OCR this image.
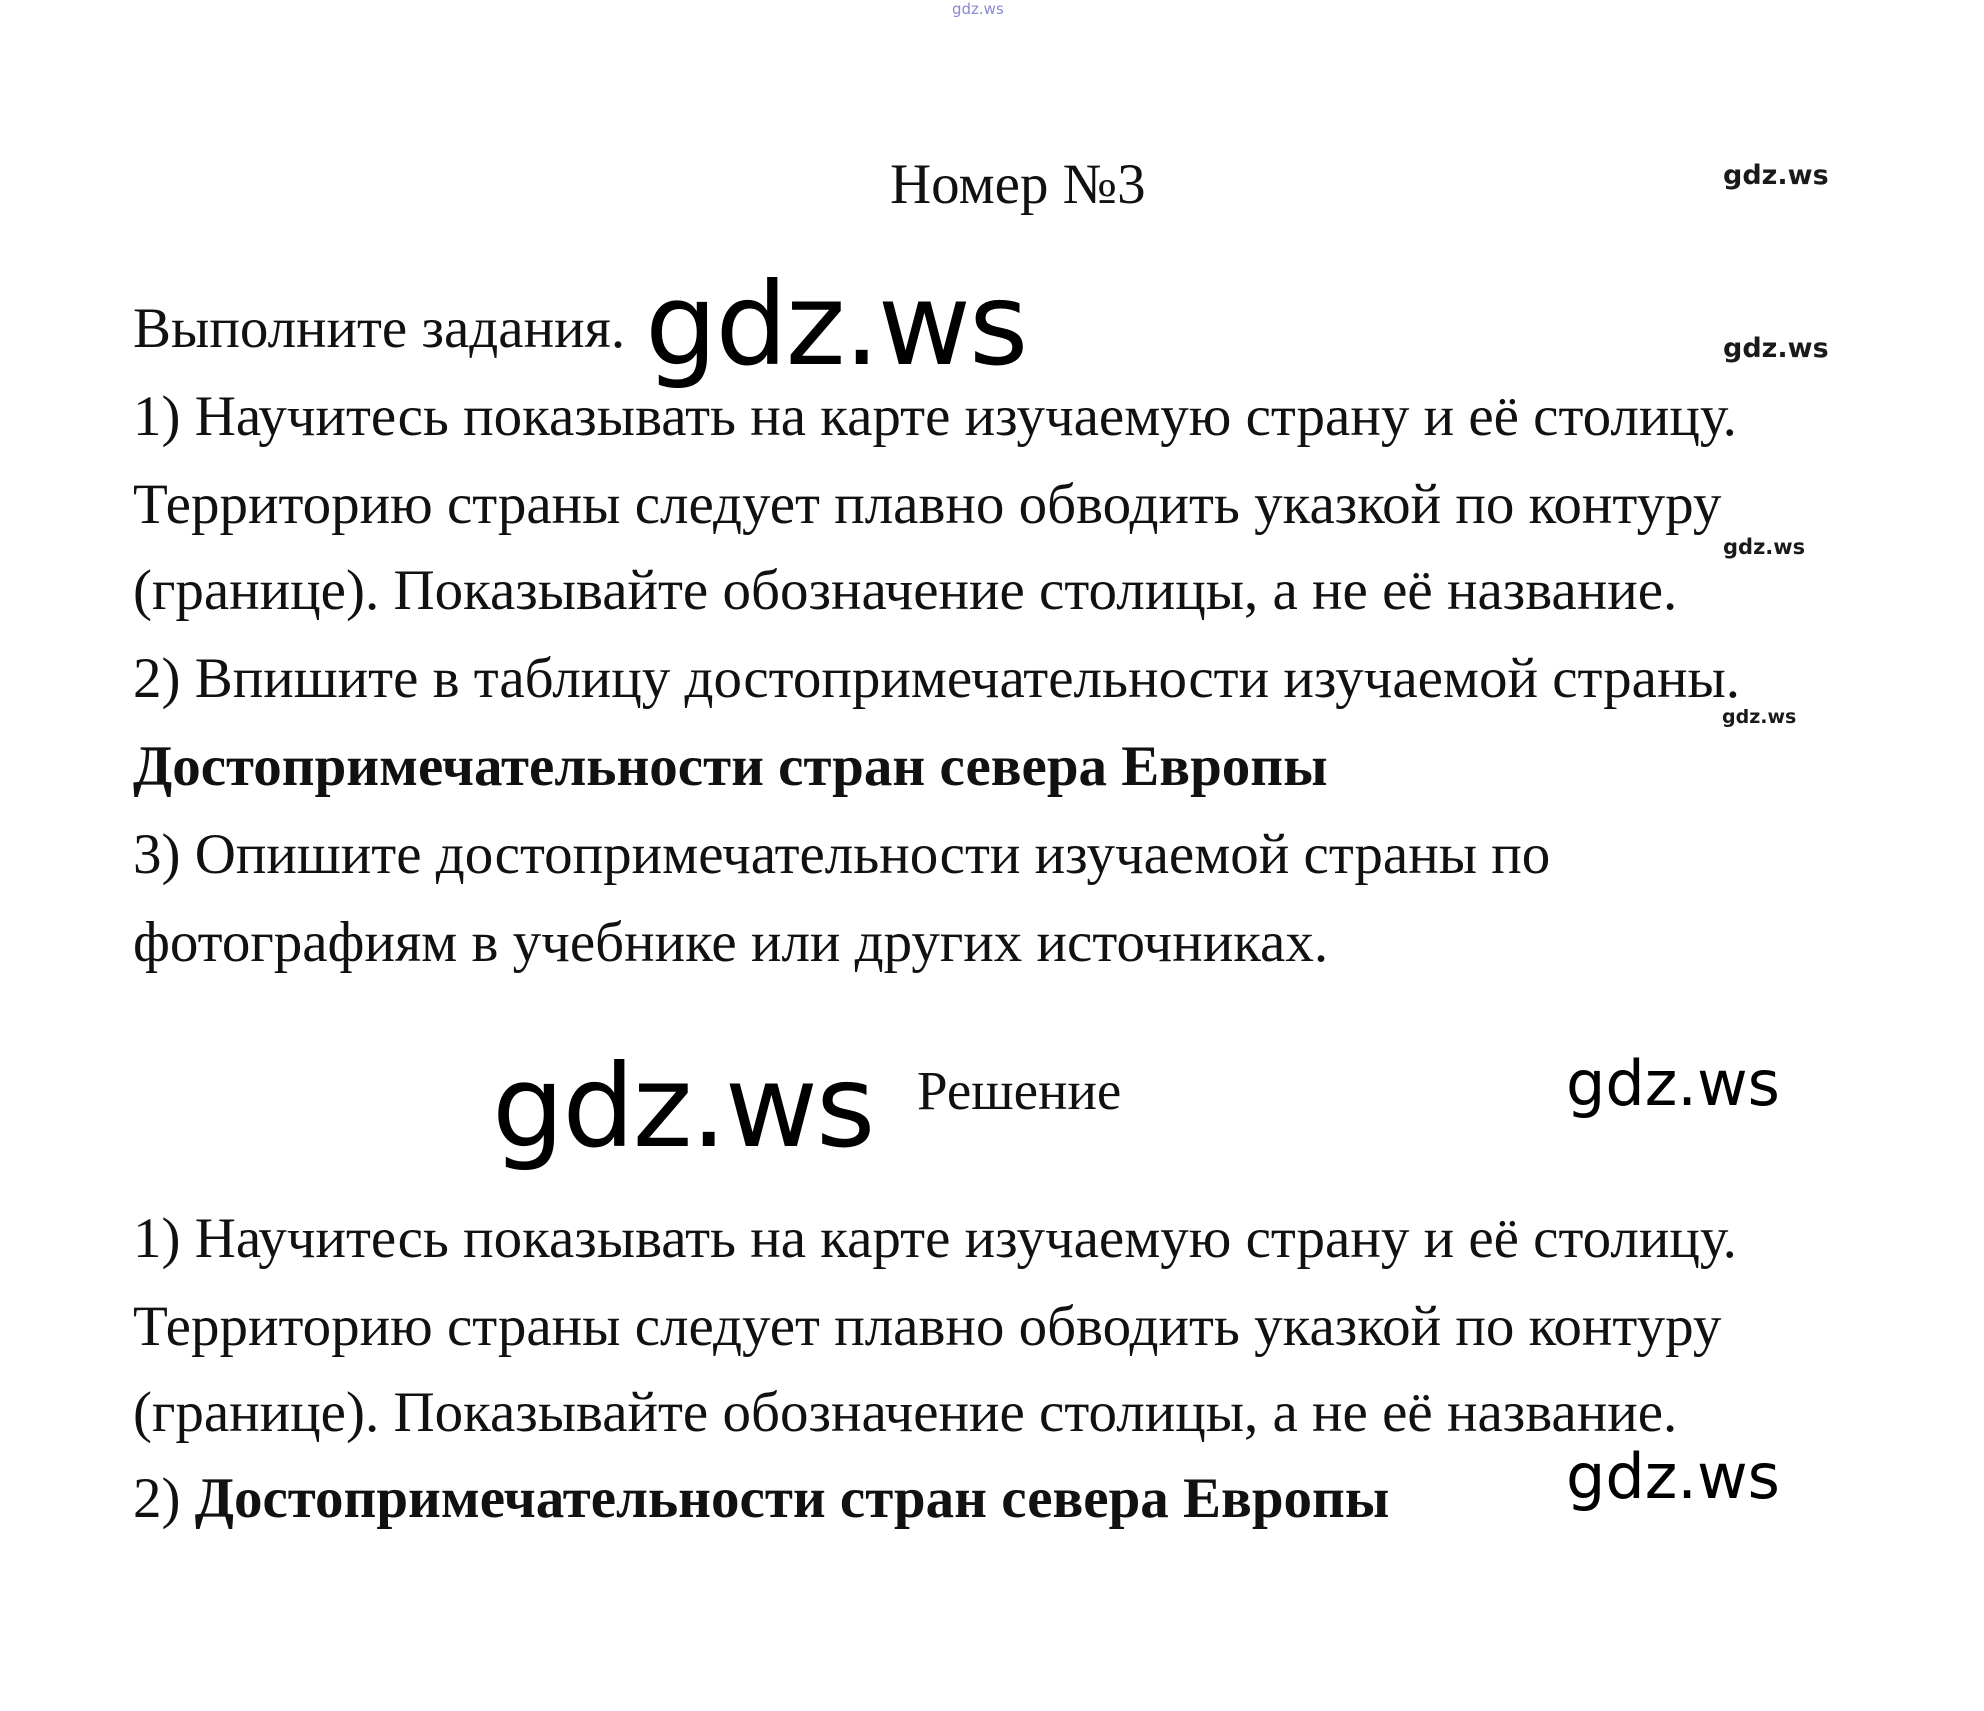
gdz.ws
Номер №3	gdz.ws
Выполните задания. gdz.ws	gdz.ws
1) Научитесь показывать на карте изучаемую страну и её столицу.
Территорию страны следует плавно обводить указкой по контуру
gdz.ws
(границе). Показывайте обозначение столицы, а не её название.
2) Впишите в таблицу достопримечательности изучаемой страны.
gdz.ws
Достопримечательности стран севера Европы
3) Опишите достопримечательности изучаемой страны по
фотографиям в учебнике или других источниках.
gdz.ws Решение	gdz.ws
1) Научитесь показывать на карте изучаемую страну и её столицу.
Территорию страны следует плавно обводить указкой по контуру
(границе). Показывайте обозначение столицы, а не её название.
2) Достопримечательности стран севера Европы	gdz.ws
